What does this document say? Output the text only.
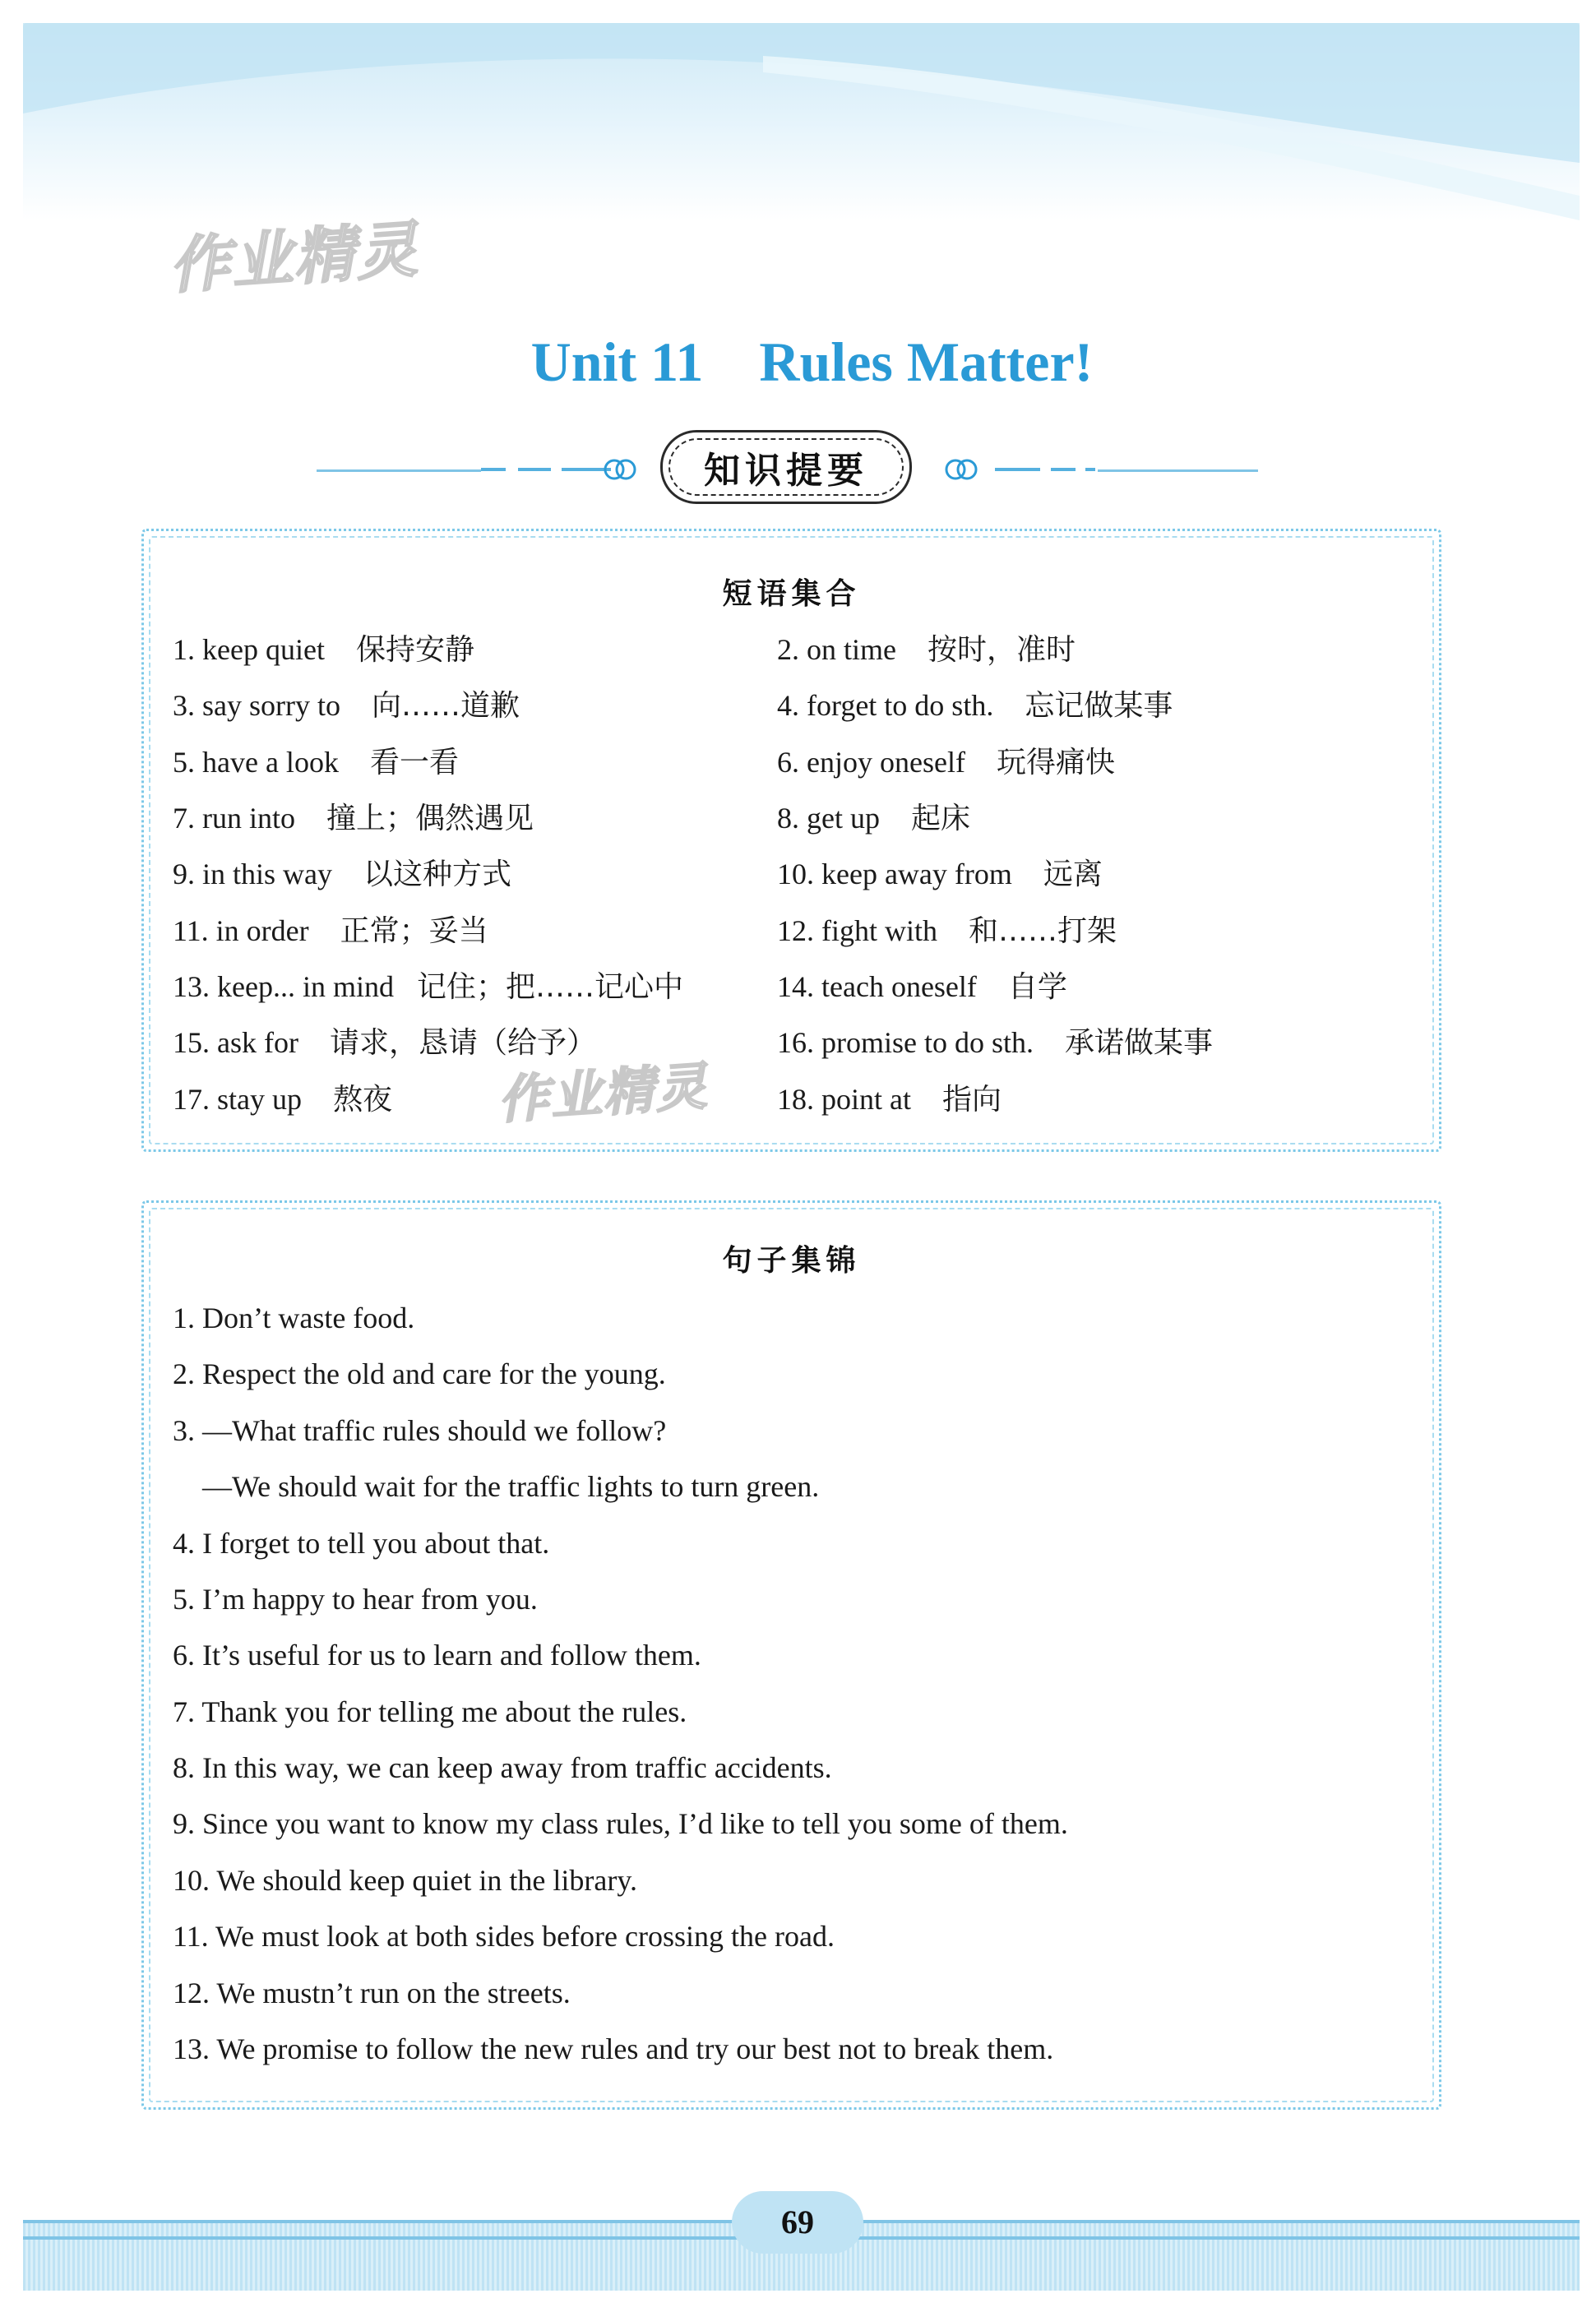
作业精灵
作业精灵

Unit 11 Rules Matter!

知识提要
短语集合
1. keep quiet 保持安静	2. on time 按时，准时
3. say sorry to 向……道歉	4. forget to do sth. 忘记做某事
5. have a look 看一看	6. enjoy oneself 玩得痛快
7. run into 撞上；偶然遇见	8. get up 起床
9. in this way 以这种方式	10. keep away from 远离
11. in order 正常；妥当	12. fight with 和……打架
13. keep... in mind 记住；把……记心中	14. teach oneself 自学
15. ask for 请求，恳请（给予）	16. promise to do sth. 承诺做某事
17. stay up 熬夜	18. point at 指向
句子集锦
1. Don’t waste food.
2. Respect the old and care for the young.
3. —What traffic rules should we follow?
—We should wait for the traffic lights to turn green.
4. I forget to tell you about that.
5. I’m happy to hear from you.
6. It’s useful for us to learn and follow them.
7. Thank you for telling me about the rules.
8. In this way, we can keep away from traffic accidents.
9. Since you want to know my class rules, I’d like to tell you some of them.
10. We should keep quiet in the library.
11. We must look at both sides before crossing the road.
12. We mustn’t run on the streets.
13. We promise to follow the new rules and try our best not to break them.
69
